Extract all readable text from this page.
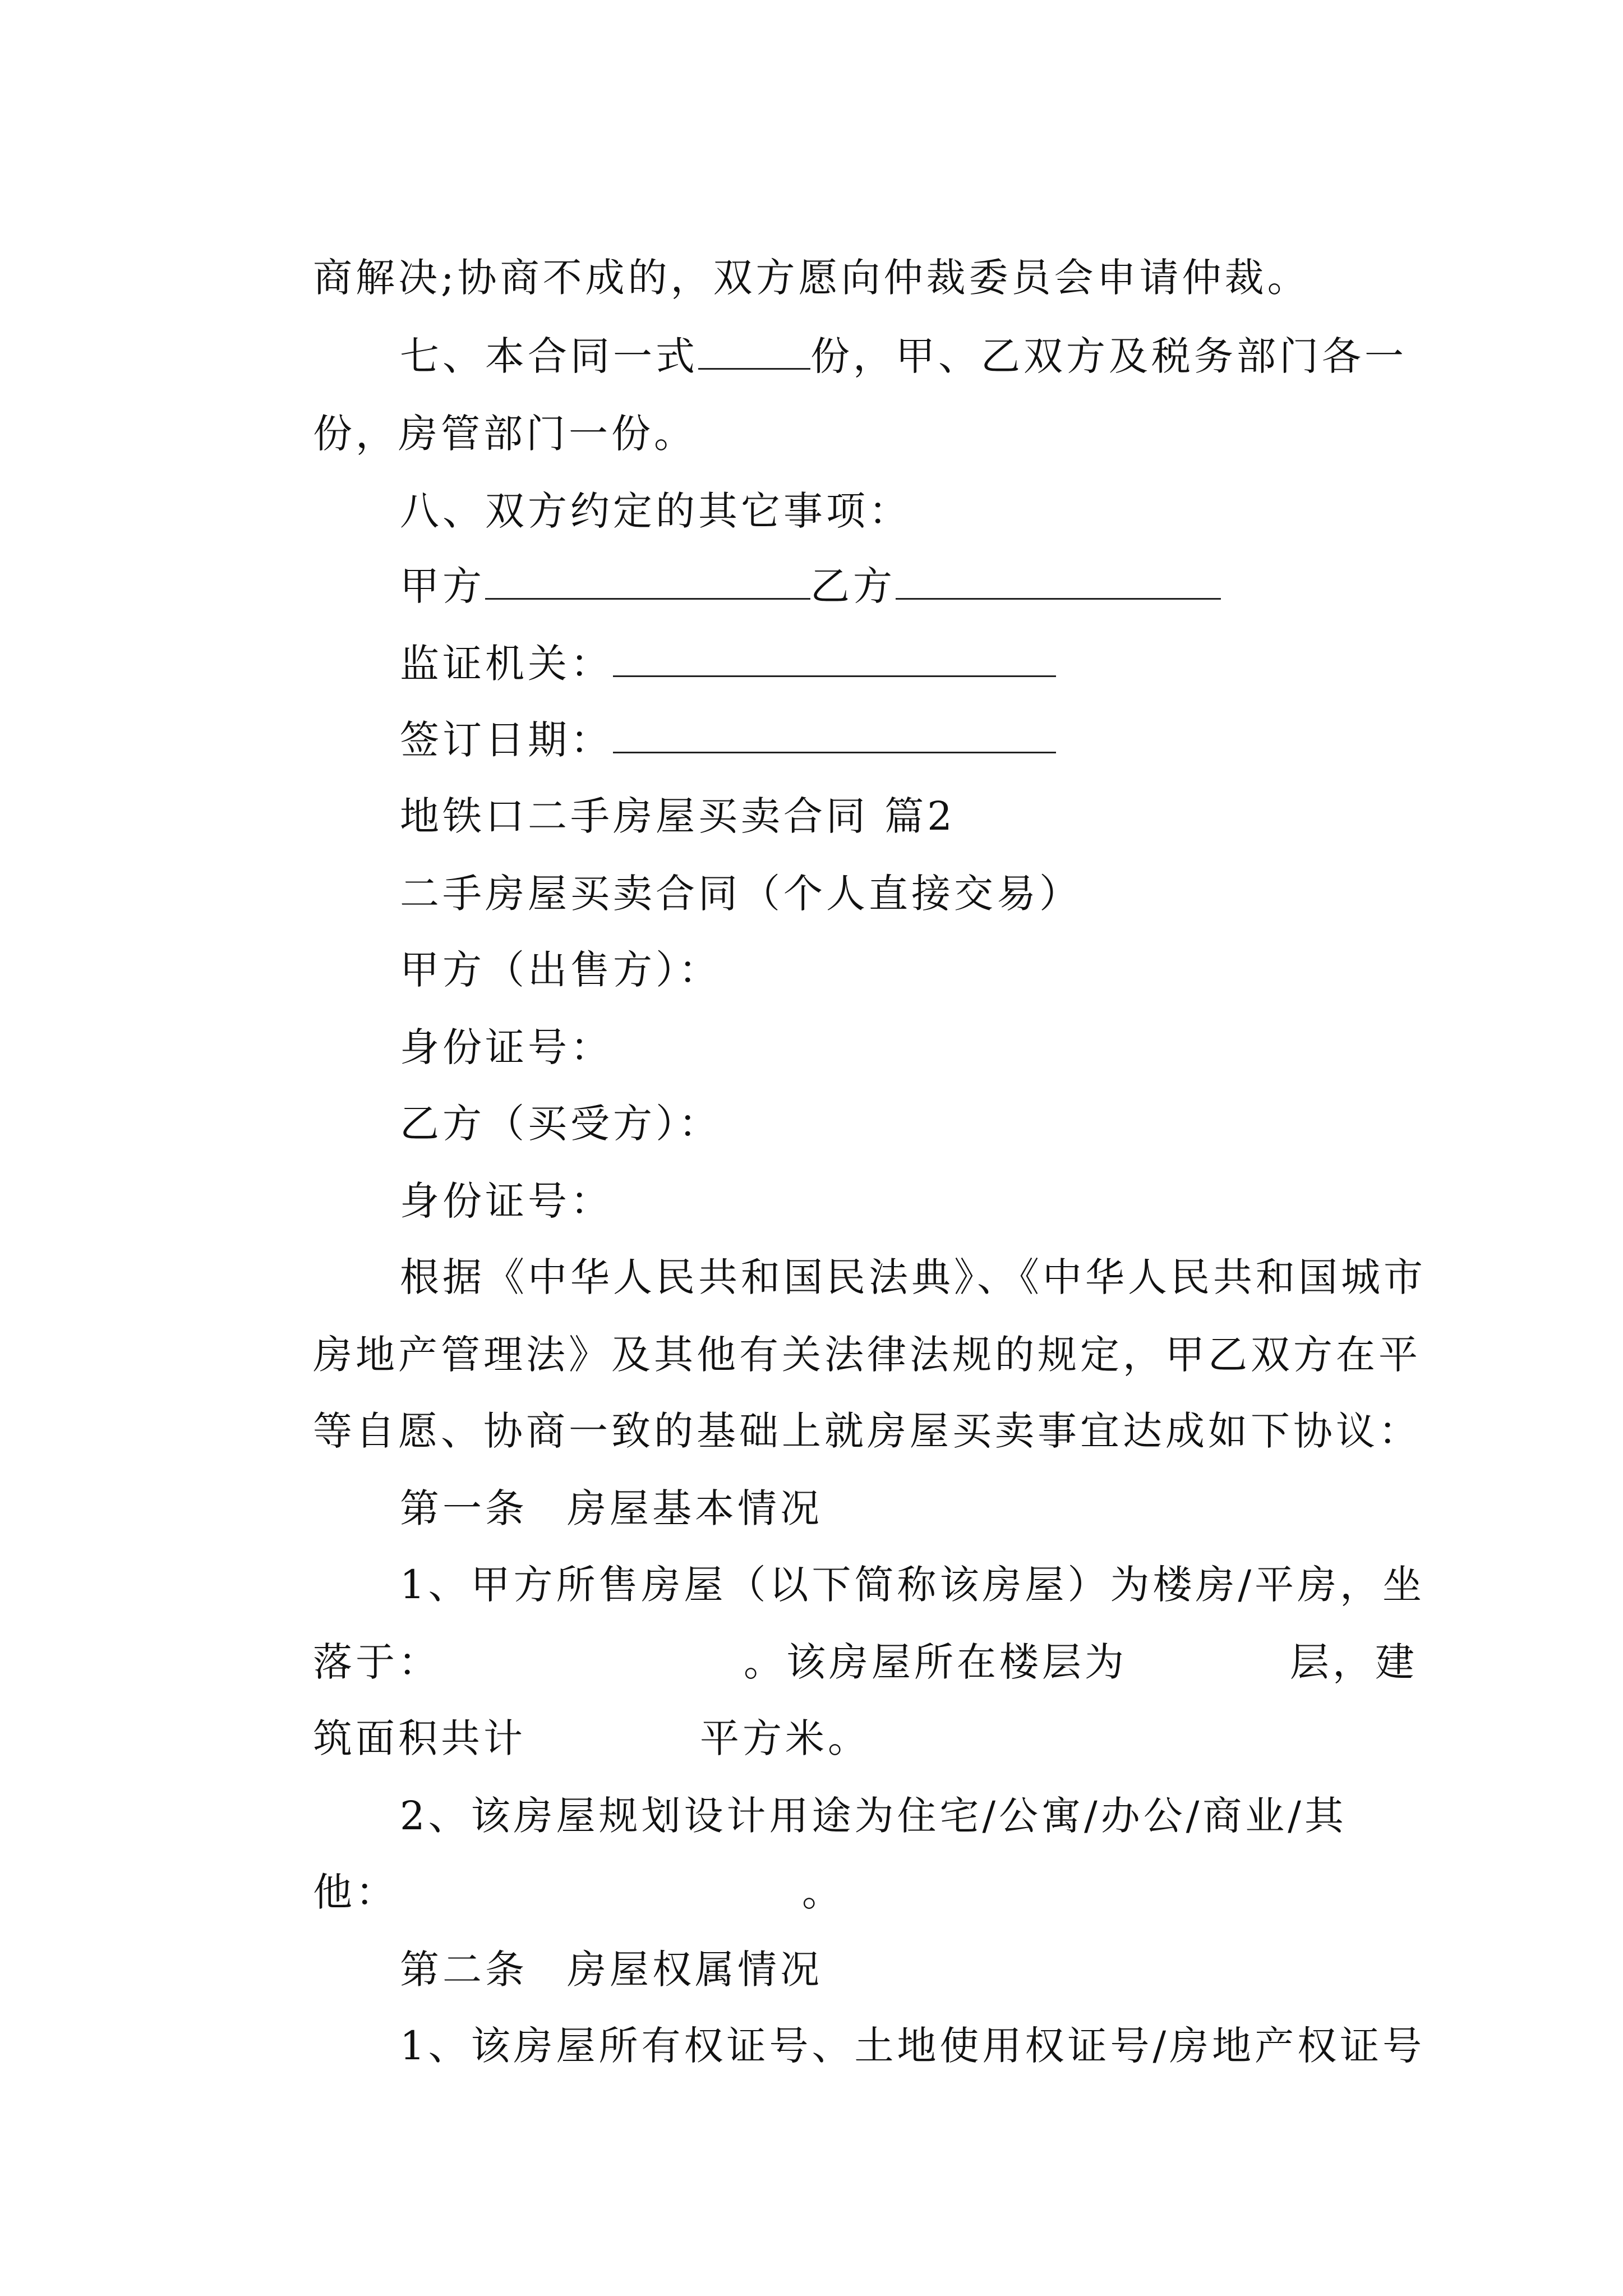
商解决;协商不成的，双方愿向仲裁委员会申请仲裁。

七、本合同一式	份，甲、乙双方及税务部门各一

份，房管部门一份。

八、双方约定的其它事项：

甲方	乙方

监证机关：

签订日期：

地铁口二手房屋买卖合同 篇2

二手房屋买卖合同（个人直接交易）

甲方（出售方）：

身份证号：

乙方（买受方）：

身份证号：

根据《中华人民共和国民法典》、《中华人民共和国城市

房地产管理法》及其他有关法律法规的规定，甲乙双方在平

等自愿、协商一致的基础上就房屋买卖事宜达成如下协议：

第一条 房屋基本情况

1、甲方所售房屋（以下简称该房屋）为楼房/平房，坐

落于：	。该房屋所在楼层为	层，建

筑面积共计	平方米。

2、该房屋规划设计用途为住宅/公寓/办公/商业/其

他：	。

第二条 房屋权属情况

1、该房屋所有权证号、土地使用权证号/房地产权证号
